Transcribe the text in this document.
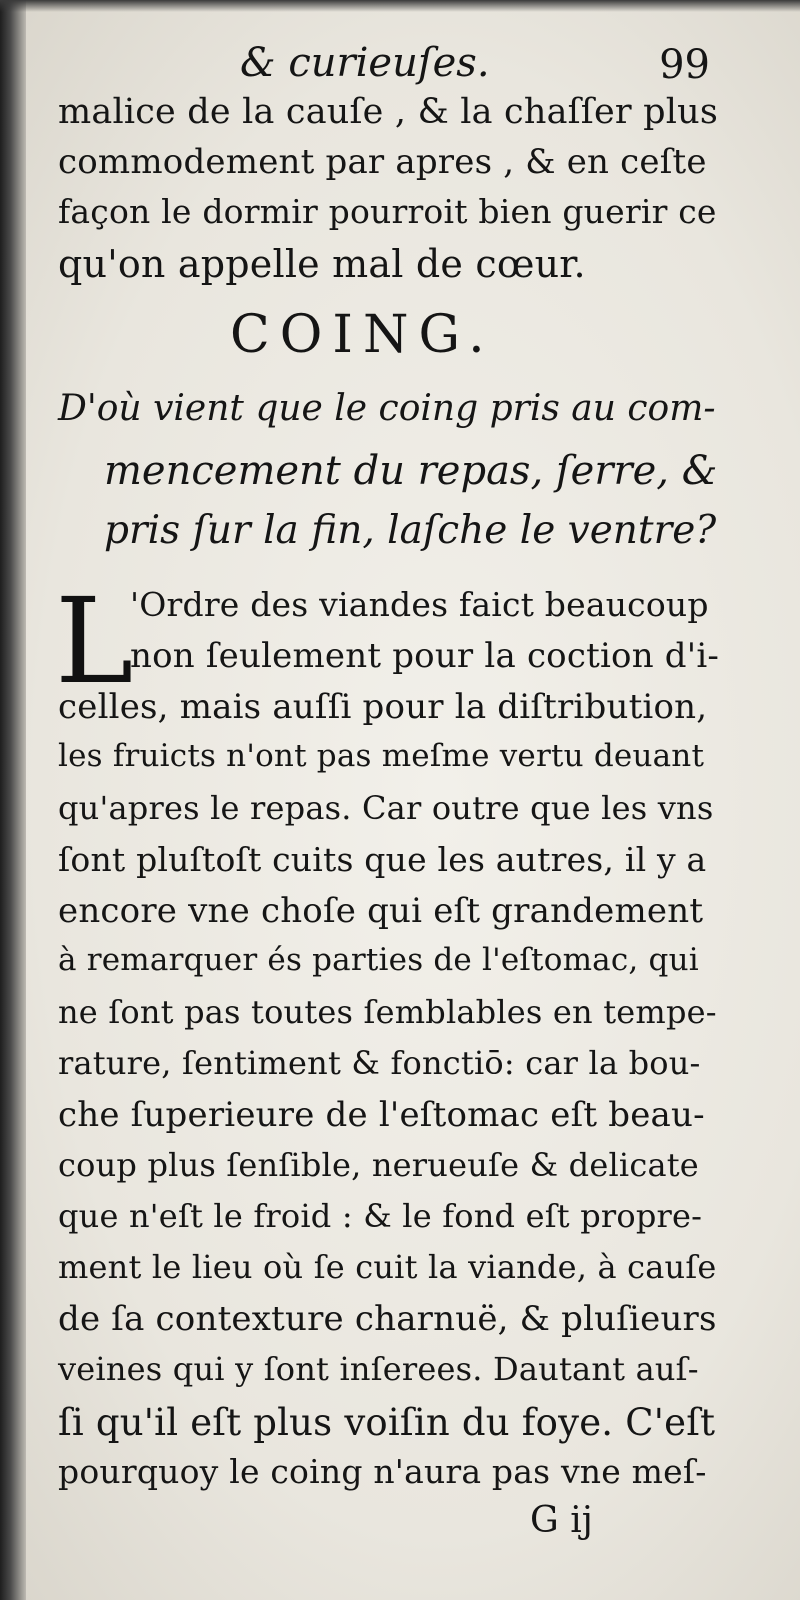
& curieuſes.	99
malice de la cauſe , & la chaſſer plus
commodement par apres , & en ceſte
façon le dormir pourroit bien guerir ce
qu'on appelle mal de cœur.
COING.
D'où vient que le coing pris au com-
mencement du repas, ſerre, &
pris ſur la fin, laſche le ventre?
L
'Ordre des viandes faict beaucoup
non ſeulement pour la coction d'i-
celles, mais auſſi pour la diſtribution,
les fruicts n'ont pas meſme vertu deuant
qu'apres le repas. Car outre que les vns
ſont pluſtoſt cuits que les autres, il y a
encore vne choſe qui eſt grandement
à remarquer és parties de l'eſtomac, qui
ne ſont pas toutes ſemblables en tempe-
rature, ſentiment & fonctiō: car la bou-
che ſuperieure de l'eſtomac eſt beau-
coup plus ſenſible, nerueuſe & delicate
que n'eſt le froid : & le fond eſt propre-
ment le lieu où ſe cuit la viande, à cauſe
de ſa contexture charnuë, & pluſieurs
veines qui y ſont inſerees. Dautant auſ-
ſi qu'il eſt plus voiſin du foye. C'eſt
pourquoy le coing n'aura pas vne meſ-
G ij
